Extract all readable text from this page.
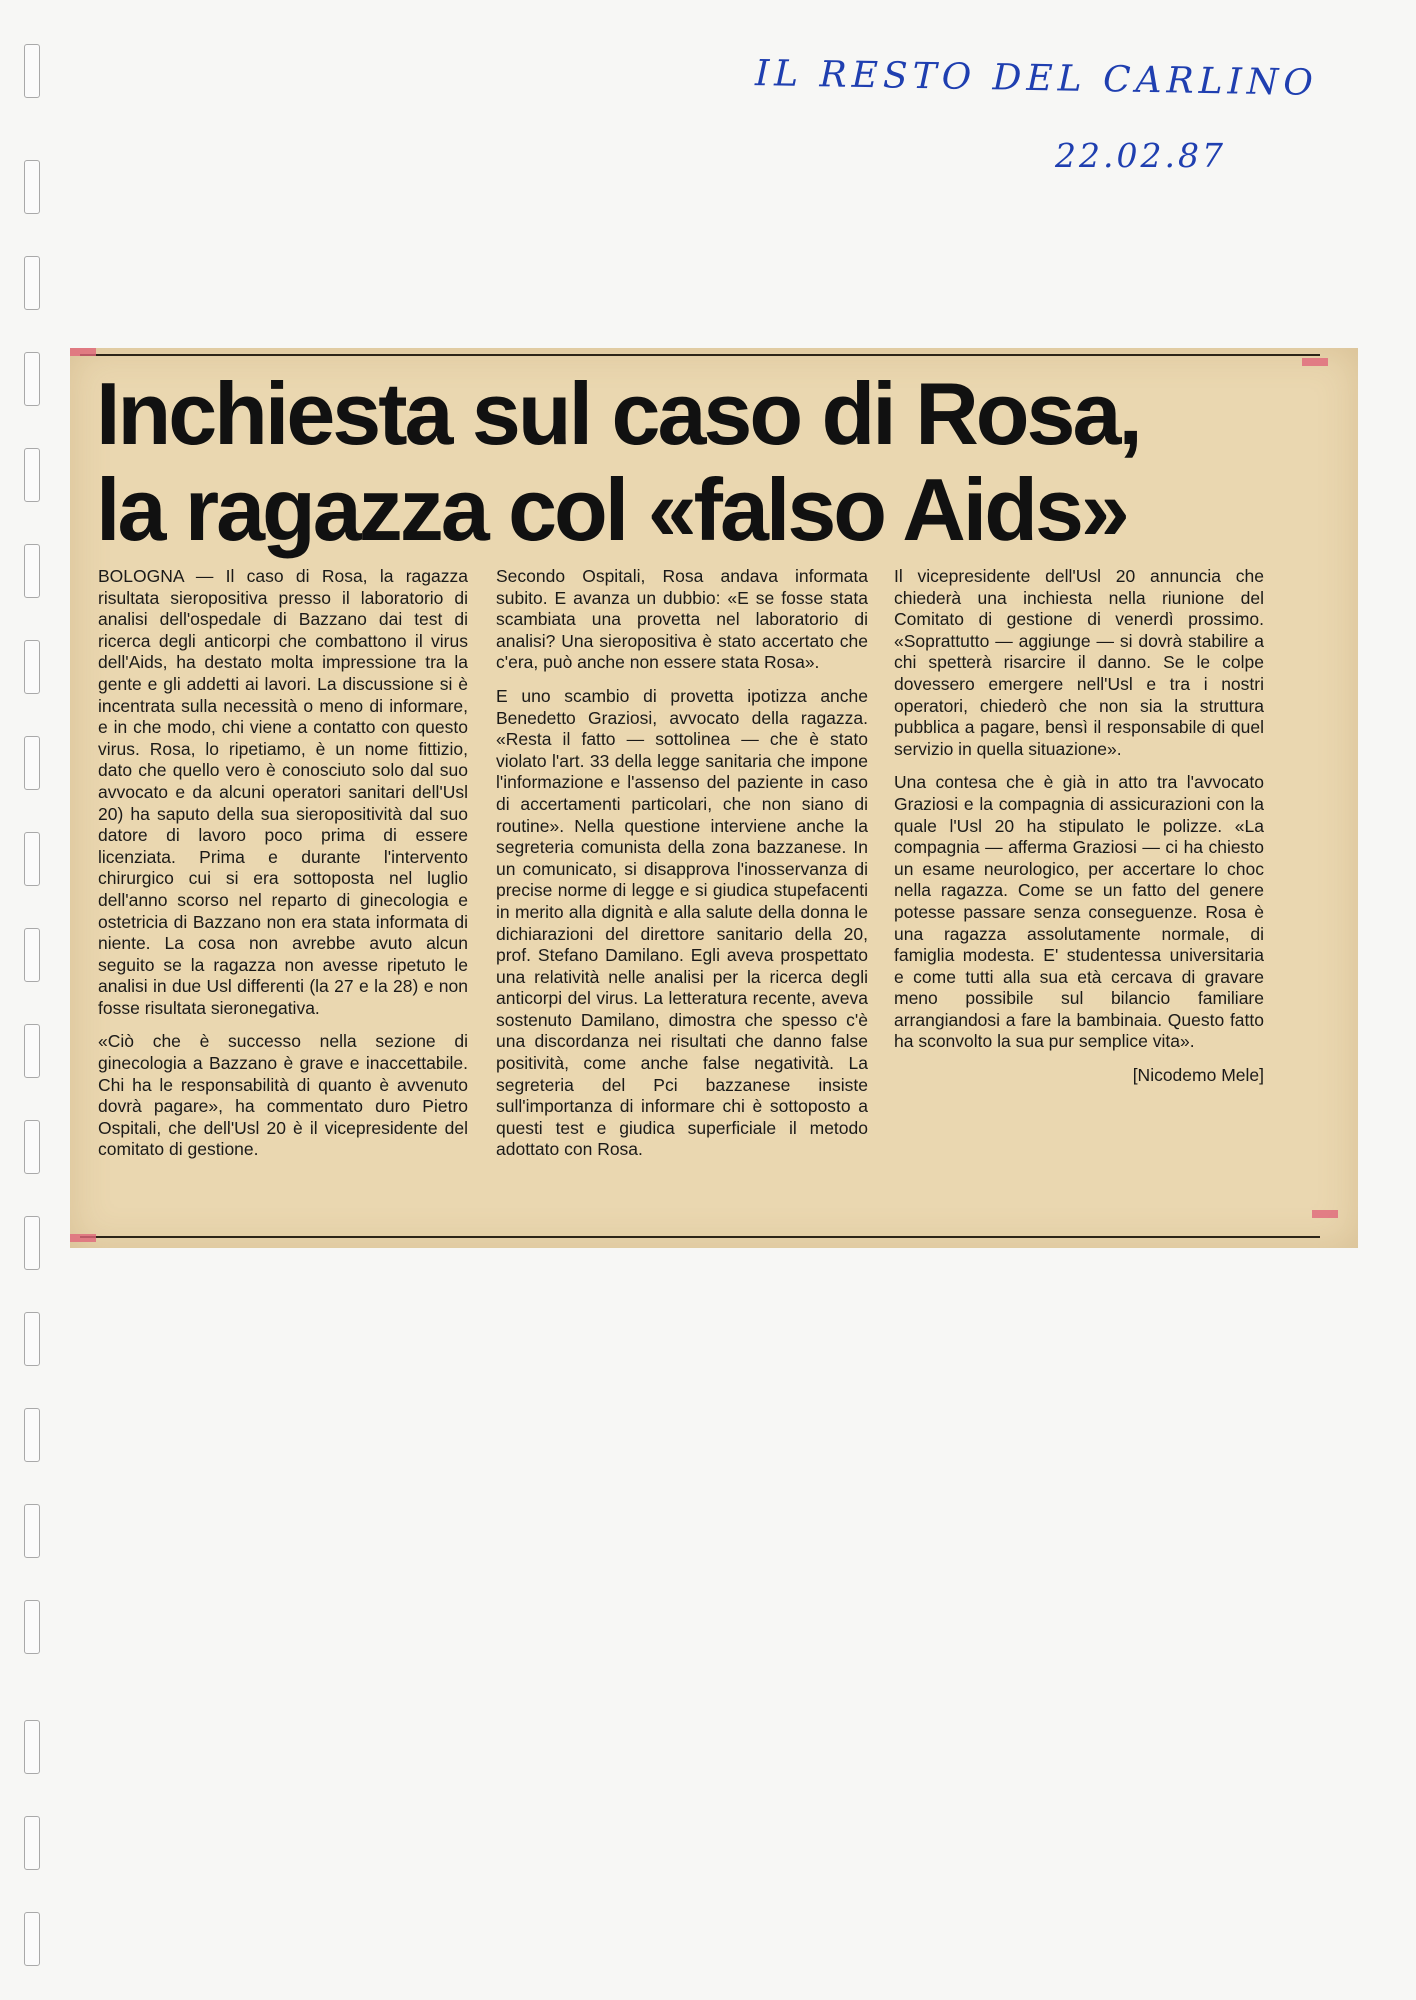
IL RESTO DEL CARLINO
22.02.87
Inchiesta sul caso di Rosa,
la ragazza col «falso Aids»

BOLOGNA — Il caso di Rosa, la ragazza risultata sieropositiva presso il laboratorio di analisi dell'ospedale di Bazzano dai test di ricerca degli anticorpi che combattono il virus dell'Aids, ha destato molta impressione tra la gente e gli addetti ai lavori. La discussione si è incentrata sulla necessità o meno di informare, e in che modo, chi viene a contatto con questo virus. Rosa, lo ripetiamo, è un nome fittizio, dato che quello vero è conosciuto solo dal suo avvocato e da alcuni operatori sanitari dell'Usl 20) ha saputo della sua sieropositività dal suo datore di lavoro poco prima di essere licenziata. Prima e durante l'intervento chirurgico cui si era sottoposta nel luglio dell'anno scorso nel reparto di ginecologia e ostetricia di Bazzano non era stata informata di niente. La cosa non avrebbe avuto alcun seguito se la ragazza non avesse ripetuto le analisi in due Usl differenti (la 27 e la 28) e non fosse risultata sieronegativa.

«Ciò che è successo nella sezione di ginecologia a Bazzano è grave e inaccettabile. Chi ha le responsabilità di quanto è avvenuto dovrà pagare», ha commentato duro Pietro Ospitali, che dell'Usl 20 è il vicepresidente del comitato di gestione.

Secondo Ospitali, Rosa andava informata subito. E avanza un dubbio: «E se fosse stata scambiata una provetta nel laboratorio di analisi? Una sieropositiva è stato accertato che c'era, può anche non essere stata Rosa».

E uno scambio di provetta ipotizza anche Benedetto Graziosi, avvocato della ragazza. «Resta il fatto — sottolinea — che è stato violato l'art. 33 della legge sanitaria che impone l'informazione e l'assenso del paziente in caso di accertamenti particolari, che non siano di routine». Nella questione interviene anche la segreteria comunista della zona bazzanese. In un comunicato, si disapprova l'inosservanza di precise norme di legge e si giudica stupefacenti in merito alla dignità e alla salute della donna le dichiarazioni del direttore sanitario della 20, prof. Stefano Damilano. Egli aveva prospettato una relatività nelle analisi per la ricerca degli anticorpi del virus. La letteratura recente, aveva sostenuto Damilano, dimostra che spesso c'è una discordanza nei risultati che danno false positività, come anche false negatività. La segreteria del Pci bazzanese insiste sull'importanza di informare chi è sottoposto a questi test e giudica superficiale il metodo adottato con Rosa.

Il vicepresidente dell'Usl 20 annuncia che chiederà una inchiesta nella riunione del Comitato di gestione di venerdì prossimo. «Soprattutto — aggiunge — si dovrà stabilire a chi spetterà risarcire il danno. Se le colpe dovessero emergere nell'Usl e tra i nostri operatori, chiederò che non sia la struttura pubblica a pagare, bensì il responsabile di quel servizio in quella situazione».

Una contesa che è già in atto tra l'avvocato Graziosi e la compagnia di assicurazioni con la quale l'Usl 20 ha stipulato le polizze. «La compagnia — afferma Graziosi — ci ha chiesto un esame neurologico, per accertare lo choc nella ragazza. Come se un fatto del genere potesse passare senza conseguenze. Rosa è una ragazza assolutamente normale, di famiglia modesta. E' studentessa universitaria e come tutti alla sua età cercava di gravare meno possibile sul bilancio familiare arrangiandosi a fare la bambinaia. Questo fatto ha sconvolto la sua pur semplice vita».

[Nicodemo Mele]
